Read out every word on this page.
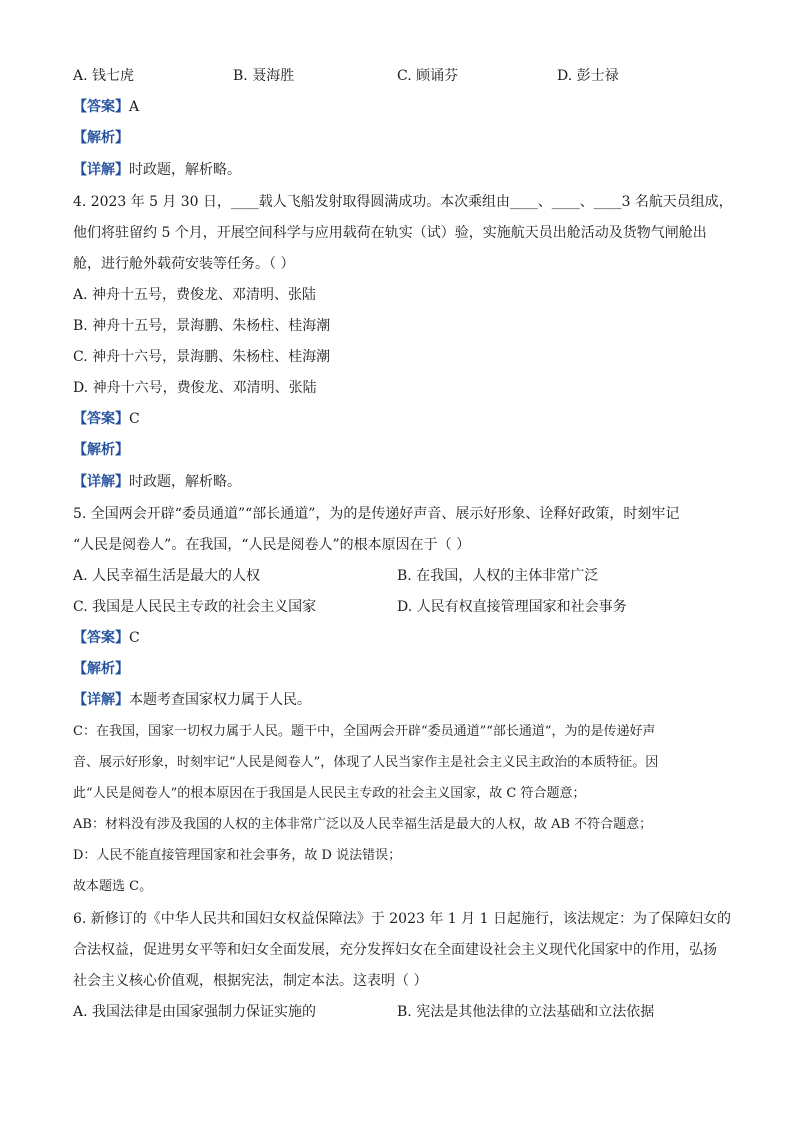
A. 钱七虎	B. 聂海胜	C. 顾诵芬	D. 彭士禄
【答案】A
【解析】
【详解】时政题，解析略。
4. 2023 年 5 月 30 日，____载人飞船发射取得圆满成功。本次乘组由____、____、____3 名航天员组成，
他们将驻留约 5 个月，开展空间科学与应用载荷在轨实（试）验，实施航天员出舱活动及货物气闸舱出
舱，进行舱外载荷安装等任务。（ ）
A. 神舟十五号，费俊龙、邓清明、张陆
B. 神舟十五号，景海鹏、朱杨柱、桂海潮
C. 神舟十六号，景海鹏、朱杨柱、桂海潮
D. 神舟十六号，费俊龙、邓清明、张陆
【答案】C
【解析】
【详解】时政题，解析略。
5. 全国两会开辟“委员通道”“部长通道”，为的是传递好声音、展示好形象、诠释好政策，时刻牢记
“人民是阅卷人”。在我国，“人民是阅卷人”的根本原因在于（ ）
A. 人民幸福生活是最大的人权	B. 在我国，人权的主体非常广泛
C. 我国是人民民主专政的社会主义国家	D. 人民有权直接管理国家和社会事务
【答案】C
【解析】
【详解】本题考查国家权力属于人民。
C：在我国，国家一切权力属于人民。题干中，全国两会开辟“委员通道”“部长通道”，为的是传递好声
音、展示好形象，时刻牢记“人民是阅卷人”，体现了人民当家作主是社会主义民主政治的本质特征。因
此“人民是阅卷人”的根本原因在于我国是人民民主专政的社会主义国家，故 C 符合题意；
AB：材料没有涉及我国的人权的主体非常广泛以及人民幸福生活是最大的人权，故 AB 不符合题意；
D：人民不能直接管理国家和社会事务，故 D 说法错误；
故本题选 C。
6. 新修订的《中华人民共和国妇女权益保障法》于 2023 年 1 月 1 日起施行，该法规定：为了保障妇女的
合法权益，促进男女平等和妇女全面发展，充分发挥妇女在全面建设社会主义现代化国家中的作用，弘扬
社会主义核心价值观，根据宪法，制定本法。这表明（ ）
A. 我国法律是由国家强制力保证实施的	B. 宪法是其他法律的立法基础和立法依据
